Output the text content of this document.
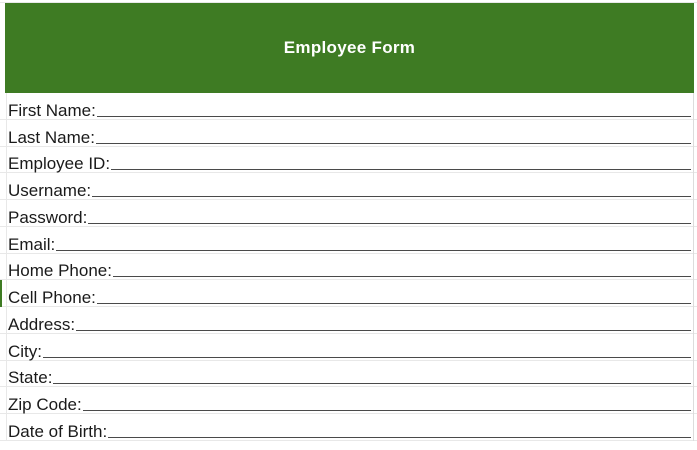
Employee Form
First Name:
Last Name:
Employee ID:
Username:
Password:
Email:
Home Phone:
Cell Phone:
Address:
City:
State:
Zip Code:
Date of Birth:
